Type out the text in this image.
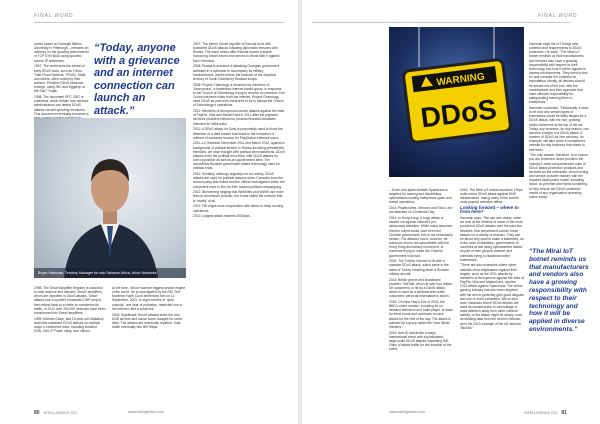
FINAL WORD

centre based at Carnegie Mellon University in Pittsburgh – releases an advisory on the growing phenomenon of TCP SYN flood using spoofed source IP addresses.

1997: The world sees the arrival of early DDoS tools, such as Trinoo, Tribe Flood Network, TFN2K, Shaft, and others, often coded by their authors. Primitive DDoS networks emerge, using IRC and Eggdrop or the Sub7 Trojan.

1998: The document RFC 2267 is published, which details how network administrators can defeat DDoS attacks via anti-spoofing measures. This document eventually becomes a

“Today, anyone with a grievance and an internet connection can launch an attack.”

2007: The former Soviet republic of Estonia is hit with sustained DDoS attacks following diplomatic tensions with Russia. The issue arises after Estonia moves a statue honouring Soviet forces who served in World War II against Nazi Germany.

2008: Russia is accused of attacking Georgian government websites in a cyberwar to accompany its military bombardment, weeks before the invasion of the disputed territory of South Ossetia by Russian troops.

2008: Project Chanology is launched by members of 'Anonymous', a leaderless internet-based group, in response to the Church of Scientology trying to remove an infamous Tom Cruise interview video from the internet. Project Chanology used DDoS as part of its measures to try to disrupt the Church of Scientology's operations.

2011: Members of Anonymous launch attacks against the sites of PayPal, Visa and MasterCard in 2011 after the payment services providers refused to process financial donations intended for WikiLeaks.

2011: A DDoS attack on Sony is purportedly used to block the detection of a data breach that leads to the extraction of millions of customer records for PlayStation Network users.

2011–12: Between December 2011 and March 2012, against a background of political tension in Russia including presidential elections, we have thought with political demonstrations, DDoS attacks enter the political front lines, with DDoS attacks on both opposition as well as pro-government sites. The worldviews Russian government stated technology used for political ends.

2012: Similarly, although arguably not too widely, DDoS attacks are used for political reasons when Consoles from the second party was linked and the official investigators within the computers were in line for their hacked political campaigning.

2012: Blenverneg ranging that WebSites and WWW use more links to all network provider, but it was called the network that is 'mostly' of all.

2012: FBI urges more cooperation with banks to keep running operations.

2013: Largest attack reaches 300Gbps.

Bryan Hamman, Territory Manager for sub-Saharan Africa, Arbor Networks

1998: The Smurf Amplifier Registry is launched to help observe and dissolve 'Smurf' amplifiers, which are exploited in DDoS attacks. Smurf attacks use a spoofed broadcast ICMP ping to then reflect back to a victim to overwhelm its traffic. In 2012 over 190,000 networks have been transformed into Smurf amplifiers.

1999: Michael Calce, aka 15-year-old 'Mafiaboy', launches sustained DDoS attacks on multiple major e-commerce sites, including Amazon, CNN, Dell, E*Trade, eBay, and Yahoo!.

At the time, Yahoo! was the biggest search engine in the world. He is investigated by the FBI. The Montreal Youth Court sentenced him on 12 September, 2001, to eight months of 'open custody', one year of probation, restricted use of the Internet, and a small fine.

2002: Significant 'Smurf' attacks strike the root DNS servers and cause some outages for some sites. The attacks are eventually repelled. Total traffic eventually hits 900 Mbps.

80 INTELLIGENCE CIO	www.intelligentcio.com
FINAL WORD
WARNING
DDoS

– Dutch anti-spam website Spamhaus is targeted for naming and blacklisting cyberattacks hosting enterprises spam and botnet operations.

2014: Playlist sites, Network and Xbox Live are attacked on Christmas Day.

2014: In Hong Kong, a huge attack is carried out against internet's pro-democracy websites. While many assumed that the culprit would have been the Chinese government, this is not necessarily certain. The attacker could, however, be someone who is not sympathetic with the Hong Kong democracy movement, or someone trying to make the Chinese government look bad.

2015: The Turkish Internet is hit with a massive DDoS attack, which came in the wake of Turkey shooting down a Russian military aircraft.

2015: British phone and broadband provider, TalkTalk, which at over four million UK customers, is hit by a DDoS attack, which is used as a smokescreen while customers' personal information is stolen.

2015: On New Year's Eve of 2015, the BBC's entire domain, including its on-demand television and radio player, is down for three hours and continues to have issues for the rest of the day. The attack is claimed by a group called the 'New World Hackers'.

2016: Anti-IS hacktivists a major international event with sophisticated, large-scale DDoS attacks sustaining 500 Gbps of attack traffic for the duration of the event.

2016: The Mirai IoT botnet launches 1Tbps multi-vector DDoS attack against DNS infrastructure, taking many of the world's most popular websites offline.

Looking forward – where to from here?

Hamman says, "We can see clearly, when we look at the timeline of some of the most prominent DDoS attacks over the past two decades, that perpetrators launch these attacks for a variety of reasons. They can be about why want to make a statement, as in the case of Mafiaboy; governments of countries at war using cyberwarfare tactics as part of their general arsenal; and criminals trying to blackmail online businesses.

"There are also examples where cyber activists show displeasure against their targets, such as the 2011 attacks by members of Anonymous against the sites of PayPal, Visa and MasterCard, and the 2013 attack against Spamhaus. The online gaming industry has also been targeted with the aim to generally gain good disguise and use or even competitor. We've also seen instances where DDoS attacks are used as smokescreen to camouflage or draw attention away from other criminal activity, or the attack might be simply, such as stealing data from the victim's network, as in the 2015 example of the UK telecom TalkTalk."

Hamman says the IoT brings new potential and requirements to DDoS protection. He adds, "The Mirai IoT botnet reminds us that manufacturers and vendors also have a growing responsibility with respect to their technology and how it will be applied in diverse environments. They need to test for and consider the potential for exploitation. Ideally, all devices should be secure out of the box, with the manufacturer and then agencies that have ultimate responsibility for safeguarding warning them to enterprises."

Hamman concludes, "Historically, it used to be that only certain types of businesses would be likely targets for a DDoS attack, with the rise, growing stride-commerce at the top of the list. Today, any business, for any reason, can become a target of a DDoS attack. A number of DDoS-for-hire services, for example, will take down a competitor's website for any business that wants to hire them.

"The only answer, therefore, is to ensure you are protected. Arbor provides the industry's most comprehensive suite of DDoS attack protection products and services for the enterprise, cloud hosting and service provider market, with the required deployment model, including cloud, on-premise and hybrid scrubbing, to help ensure the DDoS protection needs of any organisation operating online today."

“The Mirai IoT botnet reminds us that manufacturers and vendors also have a growing responsibility with respect to their technology and how it will be applied in diverse environments.”
www.intelligentcio.com	INTELLIGENCE CIO 81
